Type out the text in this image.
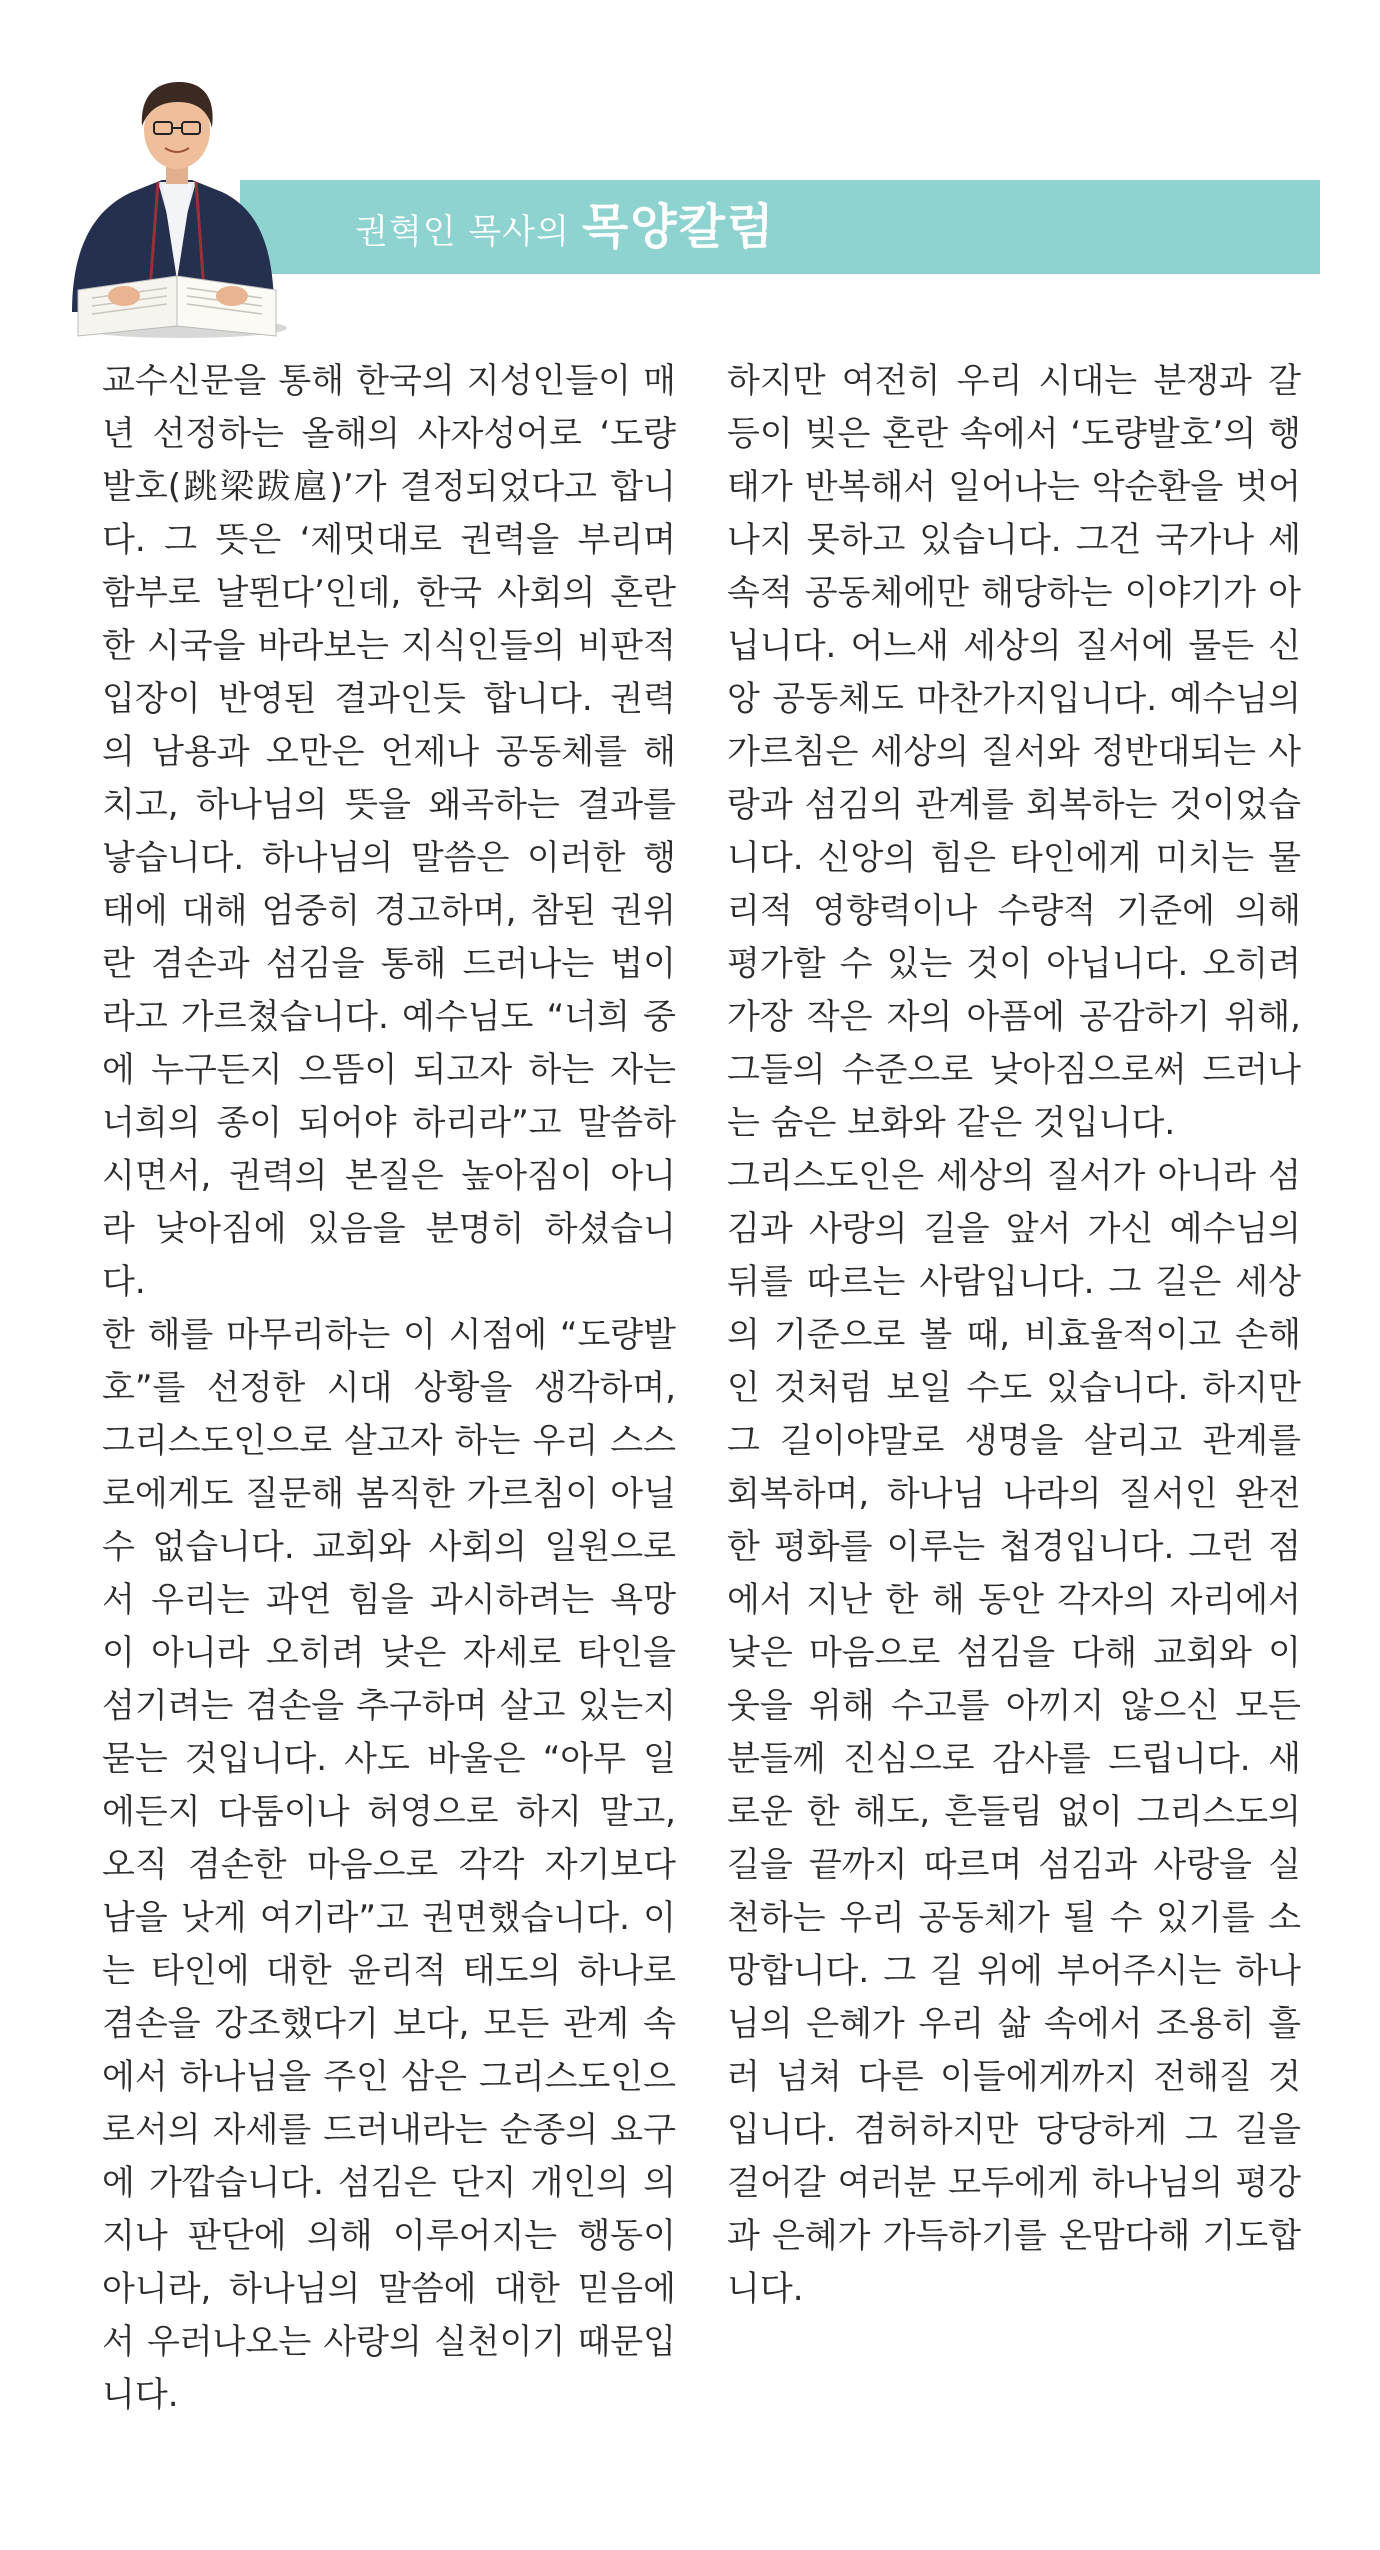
권혁인 목사의 목양칼럼

교수신문을 통해 한국의 지성인들이 매년 선정하는 올해의 사자성어로 ‘도량발호(跳梁跋扈)’가 결정되었다고 합니다. 그 뜻은 ‘제멋대로 권력을 부리며 함부로 날뛴다’인데, 한국 사회의 혼란한 시국을 바라보는 지식인들의 비판적 입장이 반영된 결과인듯 합니다. 권력의 남용과 오만은 언제나 공동체를 해치고, 하나님의 뜻을 왜곡하는 결과를 낳습니다. 하나님의 말씀은 이러한 행태에 대해 엄중히 경고하며, 참된 권위란 겸손과 섬김을 통해 드러나는 법이라고 가르쳤습니다. 예수님도 “너희 중에 누구든지 으뜸이 되고자 하는 자는 너희의 종이 되어야 하리라”고 말씀하시면서, 권력의 본질은 높아짐이 아니라 낮아짐에 있음을 분명히 하셨습니다.

한 해를 마무리하는 이 시점에 “도량발호”를 선정한 시대 상황을 생각하며, 그리스도인으로 살고자 하는 우리 스스로에게도 질문해 봄직한 가르침이 아닐 수 없습니다. 교회와 사회의 일원으로서 우리는 과연 힘을 과시하려는 욕망이 아니라 오히려 낮은 자세로 타인을 섬기려는 겸손을 추구하며 살고 있는지 묻는 것입니다. 사도 바울은 “아무 일에든지 다툼이나 허영으로 하지 말고, 오직 겸손한 마음으로 각각 자기보다 남을 낫게 여기라”고 권면했습니다. 이는 타인에 대한 윤리적 태도의 하나로 겸손을 강조했다기 보다, 모든 관계 속에서 하나님을 주인 삼은 그리스도인으로서의 자세를 드러내라는 순종의 요구에 가깝습니다. 섬김은 단지 개인의 의지나 판단에 의해 이루어지는 행동이 아니라, 하나님의 말씀에 대한 믿음에서 우러나오는 사랑의 실천이기 때문입니다.

하지만 여전히 우리 시대는 분쟁과 갈등이 빚은 혼란 속에서 ‘도량발호’의 행태가 반복해서 일어나는 악순환을 벗어나지 못하고 있습니다. 그건 국가나 세속적 공동체에만 해당하는 이야기가 아닙니다. 어느새 세상의 질서에 물든 신앙 공동체도 마찬가지입니다. 예수님의 가르침은 세상의 질서와 정반대되는 사랑과 섬김의 관계를 회복하는 것이었습니다. 신앙의 힘은 타인에게 미치는 물리적 영향력이나 수량적 기준에 의해 평가할 수 있는 것이 아닙니다. 오히려 가장 작은 자의 아픔에 공감하기 위해, 그들의 수준으로 낮아짐으로써 드러나는 숨은 보화와 같은 것입니다.

그리스도인은 세상의 질서가 아니라 섬김과 사랑의 길을 앞서 가신 예수님의 뒤를 따르는 사람입니다. 그 길은 세상의 기준으로 볼 때, 비효율적이고 손해인 것처럼 보일 수도 있습니다. 하지만 그 길이야말로 생명을 살리고 관계를 회복하며, 하나님 나라의 질서인 완전한 평화를 이루는 첩경입니다. 그런 점에서 지난 한 해 동안 각자의 자리에서 낮은 마음으로 섬김을 다해 교회와 이웃을 위해 수고를 아끼지 않으신 모든 분들께 진심으로 감사를 드립니다. 새로운 한 해도, 흔들림 없이 그리스도의 길을 끝까지 따르며 섬김과 사랑을 실천하는 우리 공동체가 될 수 있기를 소망합니다. 그 길 위에 부어주시는 하나님의 은혜가 우리 삶 속에서 조용히 흘러 넘쳐 다른 이들에게까지 전해질 것입니다. 겸허하지만 당당하게 그 길을 걸어갈 여러분 모두에게 하나님의 평강과 은혜가 가득하기를 온맘다해 기도합니다.
